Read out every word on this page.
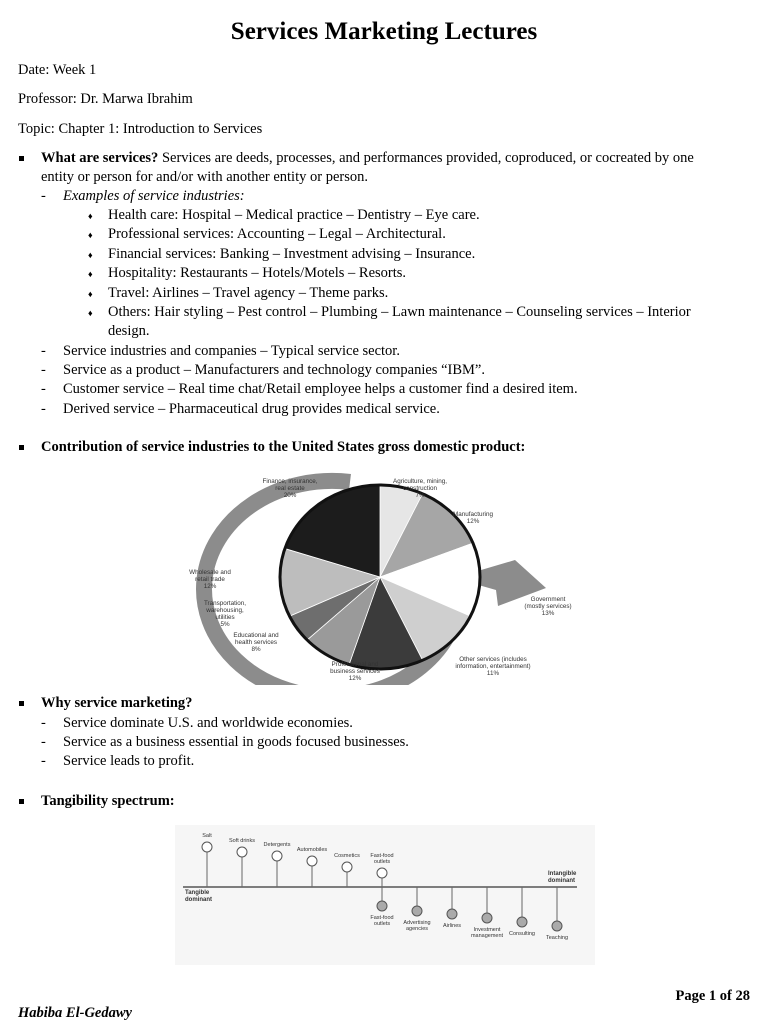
Services Marketing Lectures
Date: Week 1
Professor: Dr. Marwa Ibrahim
Topic: Chapter 1: Introduction to Services
What are services? Services are deeds, processes, and performances provided, coproduced, or cocreated by one
entity or person for and/or with another entity or person.
- Examples of service industries:
♦ Health care: Hospital – Medical practice – Dentistry – Eye care.
♦ Professional services: Accounting – Legal – Architectural.
♦ Financial services: Banking – Investment advising – Insurance.
♦ Hospitality: Restaurants – Hotels/Motels – Resorts.
♦ Travel: Airlines – Travel agency – Theme parks.
♦ Others: Hair styling – Pest control – Plumbing – Lawn maintenance – Counseling services – Interior
design.
- Service industries and companies – Typical service sector.
- Service as a product – Manufacturers and technology companies “IBM”.
- Customer service – Real time chat/Retail employee helps a customer find a desired item.
- Derived service – Pharmaceutical drug provides medical service.
Contribution of service industries to the United States gross domestic product:
Agriculture, mining, construction 7%
Manufacturing 12%
Government (mostly services) 13%
Other services (includes information, entertainment) 11%
Professional and business services 12%
Educational and health services 8%
Transportation, warehousing, utilities 5%
Wholesale and retail trade 12%
Finance, insurance, real estate 20%
Why service marketing?
- Service dominate U.S. and worldwide economies.
- Service as a business essential in goods focused businesses.
- Service leads to profit.
Tangibility spectrum:
Salt
Soft drinks
Detergents
Automobiles
Cosmetics Fast-food outlets
Fast-food outlets	Advertising agencies	Airlines
Investment management Consulting
Teaching
Tangible dominant
Intangible dominant
Page 1 of 28
Habiba El-Gedawy
